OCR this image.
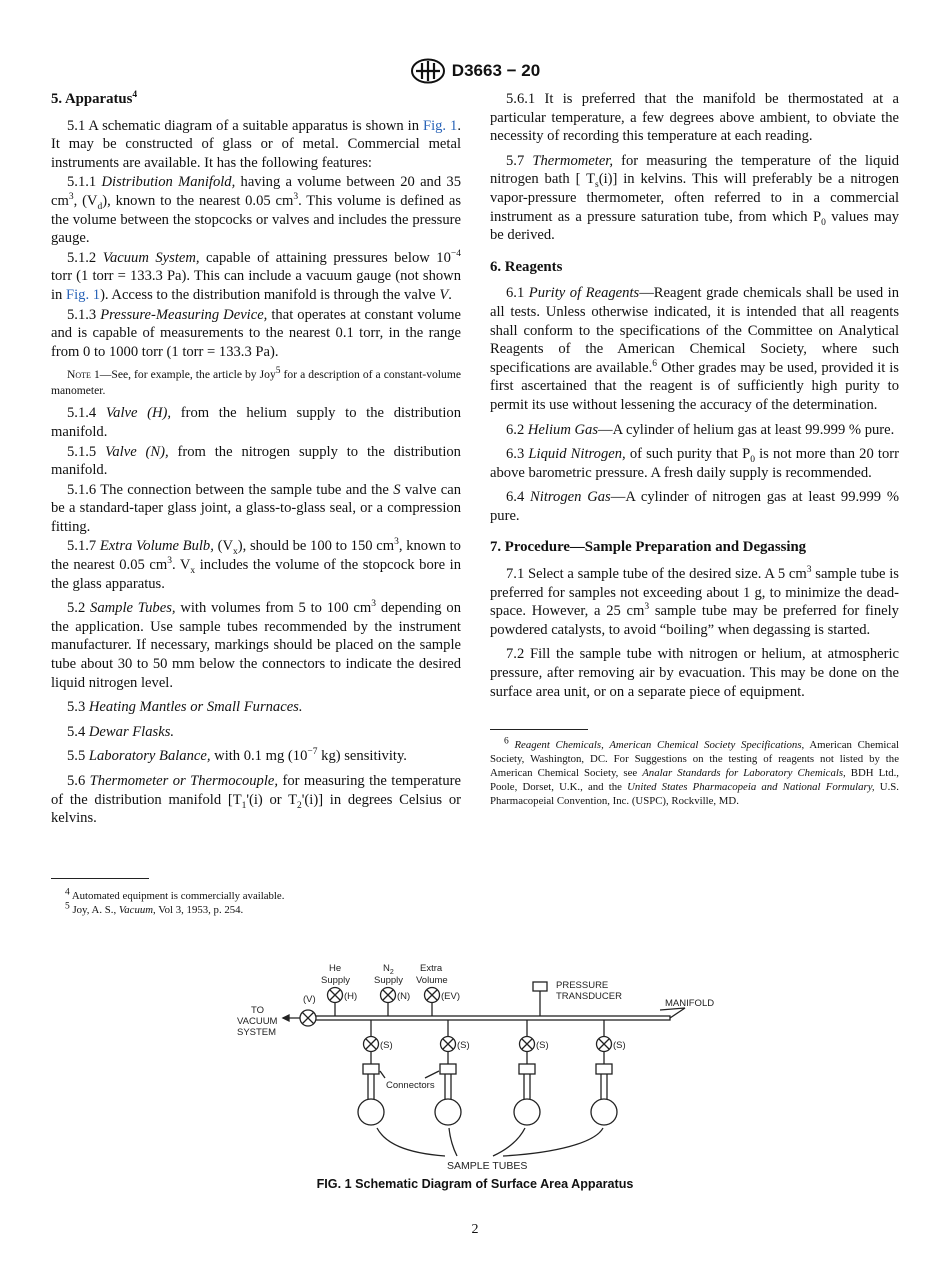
D3663 − 20
5. Apparatus$^4$
5.1 A schematic diagram of a suitable apparatus is shown in Fig. 1. It may be constructed of glass or of metal. Commercial metal instruments are available. It has the following features:
5.1.1 Distribution Manifold, having a volume between 20 and 35 $cm^3$, $(V_d)$, known to the nearest 0.05 $cm^3$. This volume is defined as the volume between the stopcocks or valves and includes the pressure gauge.
5.1.2 Vacuum System, capable of attaining pressures below $10^{-4}$ torr (1 torr = 133.3 Pa). This can include a vacuum gauge (not shown in Fig. 1). Access to the distribution manifold is through the valve V.
5.1.3 Pressure-Measuring Device, that operates at constant volume and is capable of measurements to the nearest 0.1 torr, in the range from 0 to 1000 torr (1 torr = 133.3 Pa).
Note 1—See, for example, the article by Joy$^5$ for a description of a constant-volume manometer.
5.1.4 Valve (H), from the helium supply to the distribution manifold.
5.1.5 Valve (N), from the nitrogen supply to the distribution manifold.
5.1.6 The connection between the sample tube and the S valve can be a standard-taper glass joint, a glass-to-glass seal, or a compression fitting.
5.1.7 Extra Volume Bulb, $(V_x)$, should be 100 to 150 $cm^3$, known to the nearest 0.05 $cm^3$. $V_x$ includes the volume of the stopcock bore in the glass apparatus.
5.2 Sample Tubes, with volumes from 5 to 100 $cm^3$ depending on the application. Use sample tubes recommended by the instrument manufacturer. If necessary, markings should be placed on the sample tube about 30 to 50 mm below the connectors to indicate the desired liquid nitrogen level.
5.3 Heating Mantles or Small Furnaces.
5.4 Dewar Flasks.
5.5 Laboratory Balance, with 0.1 mg ($10^{-7}$ kg) sensitivity.
5.6 Thermometer or Thermocouple, for measuring the temperature of the distribution manifold [$T_1'(i)$ or $T_2'(i)$] in degrees Celsius or kelvins.

$^4$ Automated equipment is commercially available.

$^5$ Joy, A. S., Vacuum, Vol 3, 1953, p. 254.

5.6.1 It is preferred that the manifold be thermostated at a particular temperature, a few degrees above ambient, to obviate the necessity of recording this temperature at each reading.
5.7 Thermometer, for measuring the temperature of the liquid nitrogen bath [ $T_s(i)$] in kelvins. This will preferably be a nitrogen vapor-pressure thermometer, often referred to in a commercial instrument as a pressure saturation tube, from which $P_0$ values may be derived.
6. Reagents
6.1 Purity of Reagents—Reagent grade chemicals shall be used in all tests. Unless otherwise indicated, it is intended that all reagents shall conform to the specifications of the Committee on Analytical Reagents of the American Chemical Society, where such specifications are available.$^6$ Other grades may be used, provided it is first ascertained that the reagent is of sufficiently high purity to permit its use without lessening the accuracy of the determination.
6.2 Helium Gas—A cylinder of helium gas at least 99.999 % pure.
6.3 Liquid Nitrogen, of such purity that $P_0$ is not more than 20 torr above barometric pressure. A fresh daily supply is recommended.
6.4 Nitrogen Gas—A cylinder of nitrogen gas at least 99.999 % pure.
7. Procedure—Sample Preparation and Degassing
7.1 Select a sample tube of the desired size. A 5 $cm^3$ sample tube is preferred for samples not exceeding about 1 g, to minimize the dead-space. However, a 25 $cm^3$ sample tube may be preferred for finely powdered catalysts, to avoid “boiling” when degassing is started.
7.2 Fill the sample tube with nitrogen or helium, at atmospheric pressure, after removing air by evacuation. This may be done on the surface area unit, or on a separate piece of equipment.

$^6$ Reagent Chemicals, American Chemical Society Specifications, American Chemical Society, Washington, DC. For Suggestions on the testing of reagents not listed by the American Chemical Society, see Analar Standards for Laboratory Chemicals, BDH Ltd., Poole, Dorset, U.K., and the United States Pharmacopeia and National Formulary, U.S. Pharmacopeial Convention, Inc. (USPC), Rockville, MD.

MANIFOLD
(V)
TO
VACUUM
SYSTEM
He
Supply
(H)
$N_2$
Supply
(N)
Extra
Volume
(EV)
PRESSURE
TRANSDUCER
(S)	(S)	(S)	(S)
Connectors
SAMPLE TUBES
FIG. 1 Schematic Diagram of Surface Area Apparatus
2
